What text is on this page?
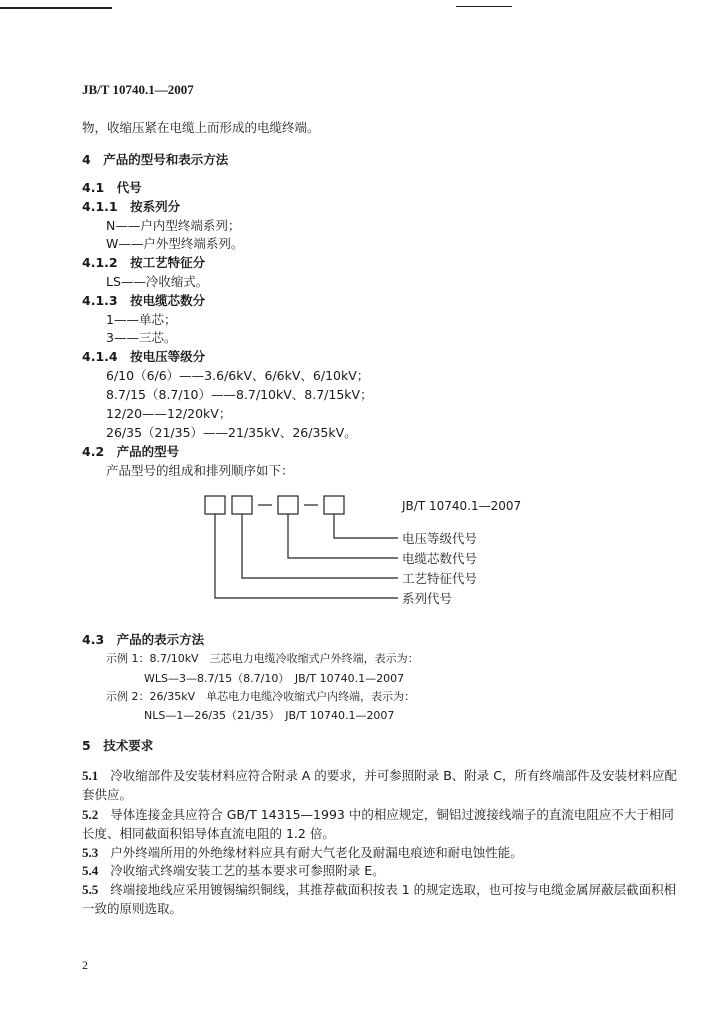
JB/T 10740.1—2007
物，收缩压紧在电缆上而形成的电缆终端。
4　产品的型号和表示方法
4.1　代号
4.1.1　按系列分
N——户内型终端系列；
W——户外型终端系列。
4.1.2　按工艺特征分
LS——冷收缩式。
4.1.3　按电缆芯数分
1——单芯；
3——三芯。
4.1.4　按电压等级分
6/10（6/6）——3.6/6kV、6/6kV、6/10kV；
8.7/15（8.7/10）——8.7/10kV、8.7/15kV；
12/20——12/20kV；
26/35（21/35）——21/35kV、26/35kV。
4.2　产品的型号
产品型号的组成和排列顺序如下：
JB/T 10740.1—2007
电压等级代号
电缆芯数代号
工艺特征代号
系列代号
4.3　产品的表示方法
示例 1：8.7/10kV　三芯电力电缆冷收缩式户外终端，表示为：
WLS—3—8.7/15（8.7/10）　JB/T 10740.1—2007
示例 2：26/35kV　单芯电力电缆冷收缩式户内终端，表示为：
NLS—1—26/35（21/35）　JB/T 10740.1—2007
5　技术要求
5.1 冷收缩部件及安装材料应符合附录 A 的要求，并可参照附录 B、附录 C，所有终端部件及安装材料应配套供应。
5.2 导体连接金具应符合 GB/T 14315—1993 中的相应规定，铜铝过渡接线端子的直流电阻应不大于相同长度、相同截面积铝导体直流电阻的 1.2 倍。
5.3 户外终端所用的外绝缘材料应具有耐大气老化及耐漏电痕迹和耐电蚀性能。
5.4 冷收缩式终端安装工艺的基本要求可参照附录 E。
5.5 终端接地线应采用镀锡编织铜线，其推荐截面积按表 1 的规定选取，也可按与电缆金属屏蔽层截面积相一致的原则选取。
2
